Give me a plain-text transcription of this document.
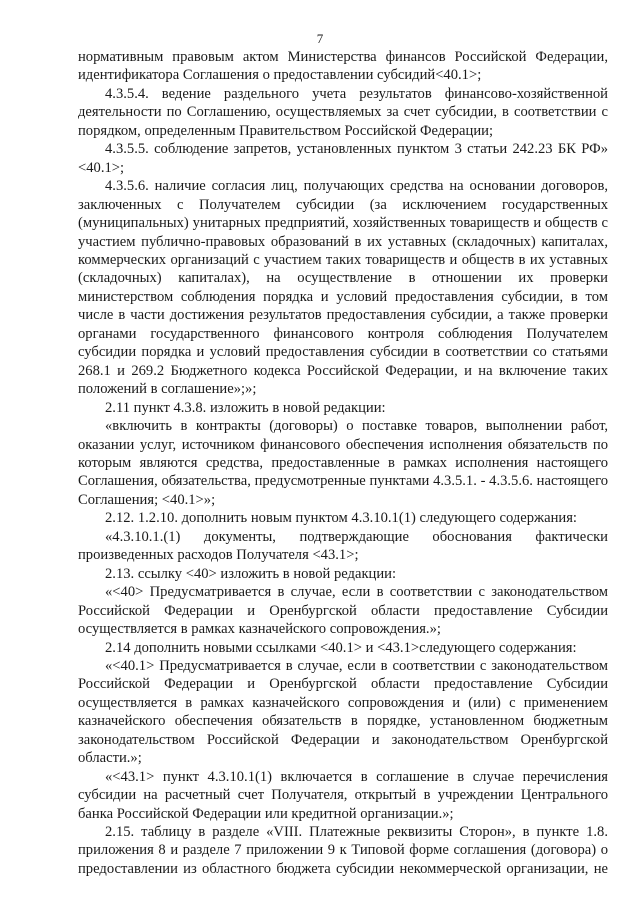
7

нормативным правовым актом Министерства финансов Российской Федерации, идентификатора Соглашения о предоставлении субсидий<40.1>;

4.3.5.4. ведение раздельного учета результатов финансово-хозяйственной деятельности по Соглашению, осуществляемых за счет субсидии, в соответствии с порядком, определенным Правительством Российской Федерации;

4.3.5.5. соблюдение запретов, установленных пунктом 3 статьи 242.23 БК РФ» <40.1>;

4.3.5.6. наличие согласия лиц, получающих средства на основании договоров, заключенных с Получателем субсидии (за исключением государственных (муниципальных) унитарных предприятий, хозяйственных товариществ и обществ с участием публично-правовых образований в их уставных (складочных) капиталах, коммерческих организаций с участием таких товариществ и обществ в их уставных (складочных) капиталах), на осуществление в отношении их проверки министерством соблюдения порядка и условий предоставления субсидии, в том числе в части достижения результатов предоставления субсидии, а также проверки органами государственного финансового контроля соблюдения Получателем субсидии порядка и условий предоставления субсидии в соответствии со статьями 268.1 и 269.2 Бюджетного кодекса Российской Федерации, и на включение таких положений в соглашение»;»;

2.11 пункт 4.3.8. изложить в новой редакции:

«включить в контракты (договоры) о поставке товаров, выполнении работ, оказании услуг, источником финансового обеспечения исполнения обязательств по которым являются средства, предоставленные в рамках исполнения настоящего Соглашения, обязательства, предусмотренные пунктами 4.3.5.1. - 4.3.5.6. настоящего Соглашения; <40.1>»;

2.12. 1.2.10. дополнить новым пунктом 4.3.10.1(1) следующего содержания:

«4.3.10.1.(1) документы, подтверждающие обоснования фактически произведенных расходов Получателя <43.1>;

2.13. ссылку <40> изложить в новой редакции:

«<40> Предусматривается в случае, если в соответствии с законодательством Российской Федерации и Оренбургской области предоставление Субсидии осуществляется в рамках казначейского сопровождения.»;

2.14 дополнить новыми ссылками <40.1> и <43.1>следующего содержания:

«<40.1> Предусматривается в случае, если в соответствии с законодательством Российской Федерации и Оренбургской области предоставление Субсидии осуществляется в рамках казначейского сопровождения и (или) с применением казначейского обеспечения обязательств в порядке, установленном бюджетным законодательством Российской Федерации и законодательством Оренбургской области.»;

«<43.1> пункт 4.3.10.1(1) включается в соглашение в случае перечисления субсидии на расчетный счет Получателя, открытый в учреждении Центрального банка Российской Федерации или кредитной организации.»;

2.15. таблицу в разделе «VIII. Платежные реквизиты Сторон», в пункте 1.8. приложения 8 и разделе 7 приложении 9 к Типовой форме соглашения (договора) о предоставлении из областного бюджета субсидии некоммерческой организации, не
